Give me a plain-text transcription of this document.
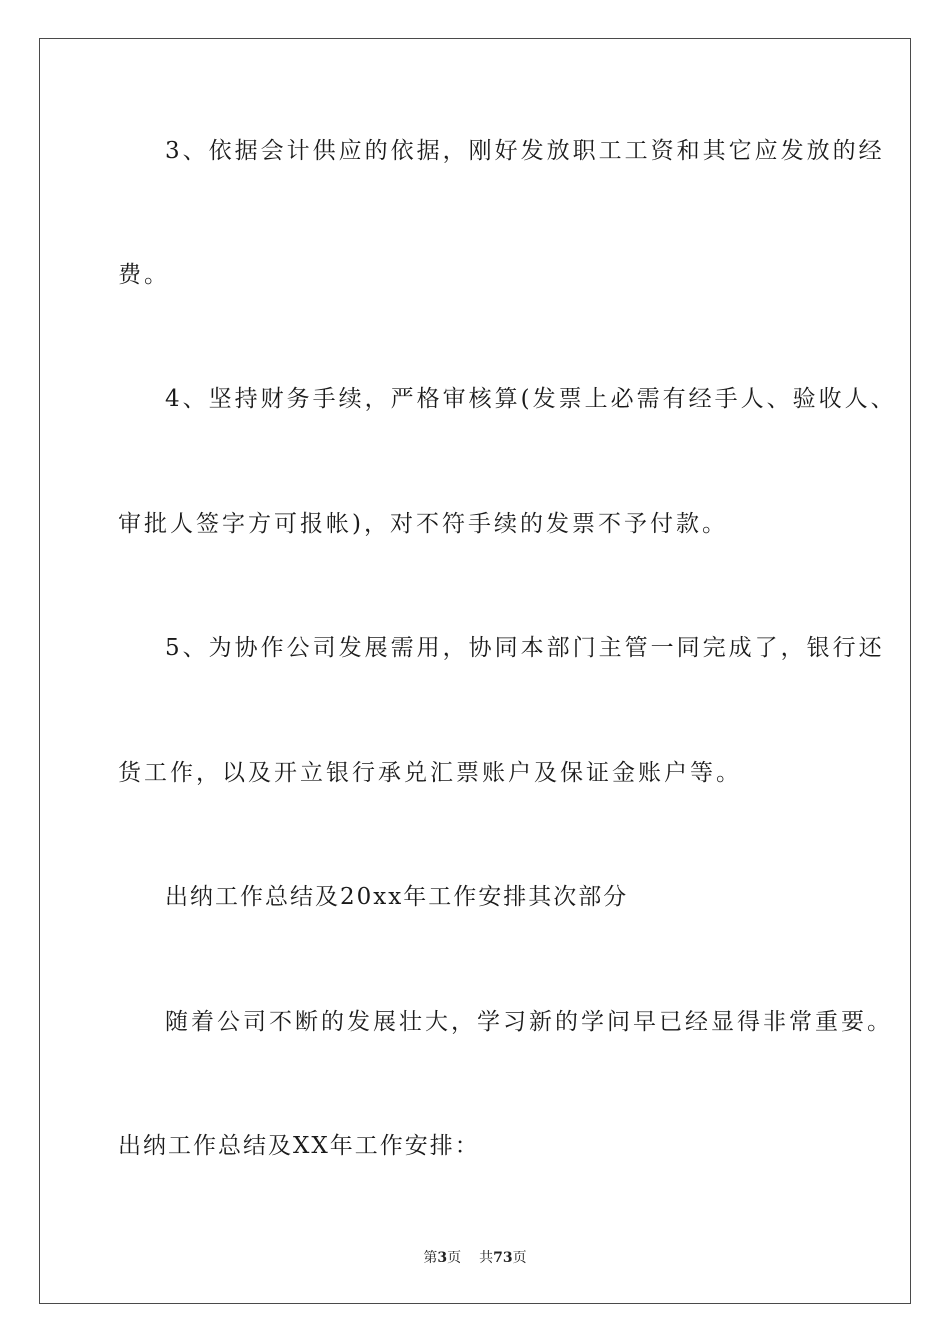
3、依据会计供应的依据，刚好发放职工工资和其它应发放的经

费。

4、坚持财务手续，严格审核算(发票上必需有经手人、验收人、

审批人签字方可报帐)，对不符手续的发票不予付款。

5、为协作公司发展需用，协同本部门主管一同完成了，银行还

货工作，以及开立银行承兑汇票账户及保证金账户等。

出纳工作总结及20xx年工作安排其次部分

随着公司不断的发展壮大，学习新的学问早已经显得非常重要。

出纳工作总结及XX年工作安排：

第3页 共73页
